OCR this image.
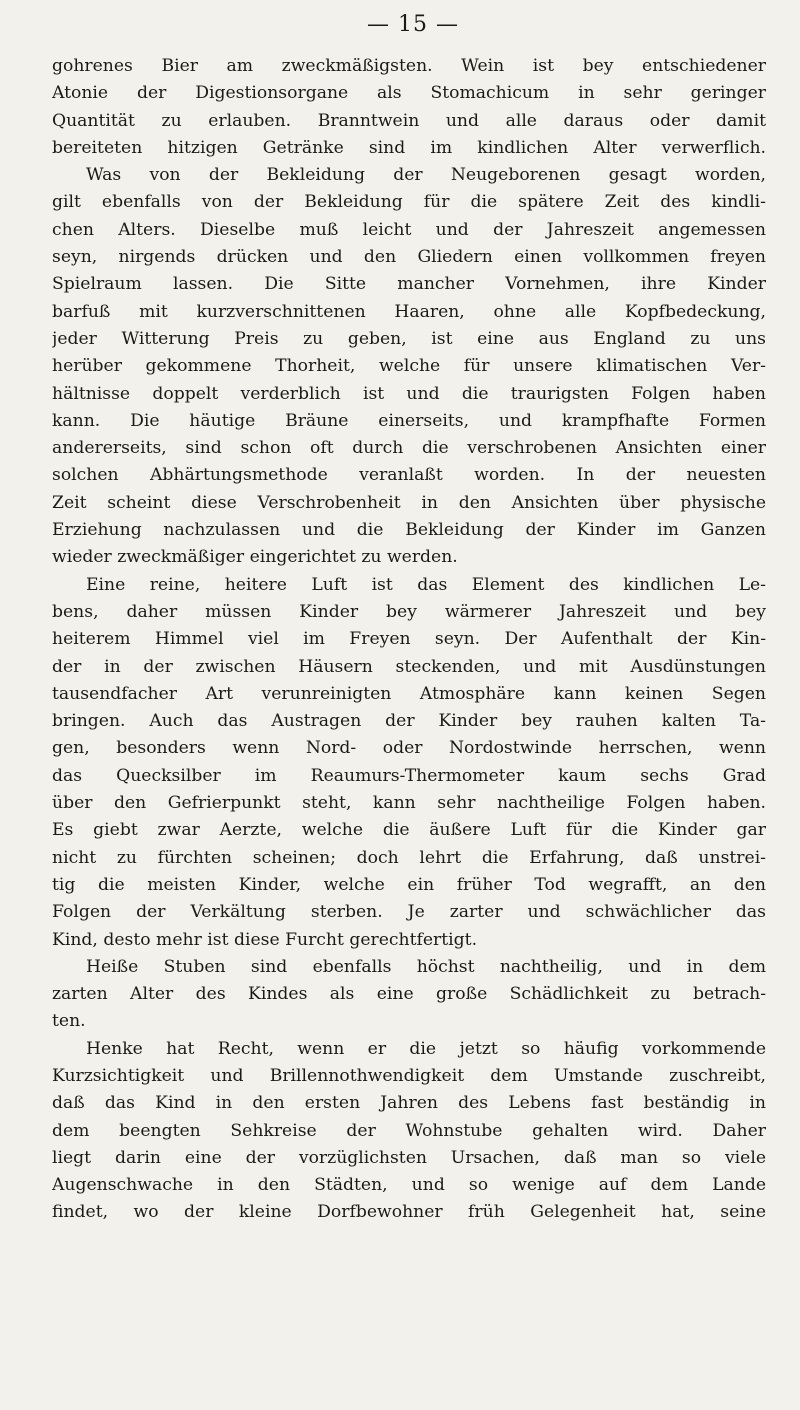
— 15 —
gohrenes Bier am zweckmäßigsten. Wein ist bey entschiedener
Atonie der Digestionsorgane als Stomachicum in sehr geringer
Quantität zu erlauben. Branntwein und alle daraus oder damit
bereiteten hitzigen Getränke sind im kindlichen Alter verwerflich.
Was von der Bekleidung der Neugeborenen gesagt worden,
gilt ebenfalls von der Bekleidung für die spätere Zeit des kindli-
chen Alters. Dieselbe muß leicht und der Jahreszeit angemessen
seyn, nirgends drücken und den Gliedern einen vollkommen freyen
Spielraum lassen. Die Sitte mancher Vornehmen, ihre Kinder
barfuß mit kurzverschnittenen Haaren, ohne alle Kopfbedeckung,
jeder Witterung Preis zu geben, ist eine aus England zu uns
herüber gekommene Thorheit, welche für unsere klimatischen Ver-
hältnisse doppelt verderblich ist und die traurigsten Folgen haben
kann. Die häutige Bräune einerseits, und krampfhafte Formen
andererseits, sind schon oft durch die verschrobenen Ansichten einer
solchen Abhärtungsmethode veranlaßt worden. In der neuesten
Zeit scheint diese Verschrobenheit in den Ansichten über physische
Erziehung nachzulassen und die Bekleidung der Kinder im Ganzen
wieder zweckmäßiger eingerichtet zu werden.
Eine reine, heitere Luft ist das Element des kindlichen Le-
bens, daher müssen Kinder bey wärmerer Jahreszeit und bey
heiterem Himmel viel im Freyen seyn. Der Aufenthalt der Kin-
der in der zwischen Häusern steckenden, und mit Ausdünstungen
tausendfacher Art verunreinigten Atmosphäre kann keinen Segen
bringen. Auch das Austragen der Kinder bey rauhen kalten Ta-
gen, besonders wenn Nord- oder Nordostwinde herrschen, wenn
das Quecksilber im Reaumurs-Thermometer kaum sechs Grad
über den Gefrierpunkt steht, kann sehr nachtheilige Folgen haben.
Es giebt zwar Aerzte, welche die äußere Luft für die Kinder gar
nicht zu fürchten scheinen; doch lehrt die Erfahrung, daß unstrei-
tig die meisten Kinder, welche ein früher Tod wegrafft, an den
Folgen der Verkältung sterben. Je zarter und schwächlicher das
Kind, desto mehr ist diese Furcht gerechtfertigt.
Heiße Stuben sind ebenfalls höchst nachtheilig, und in dem
zarten Alter des Kindes als eine große Schädlichkeit zu betrach-
ten.
Henke hat Recht, wenn er die jetzt so häufig vorkommende
Kurzsichtigkeit und Brillennothwendigkeit dem Umstande zuschreibt,
daß das Kind in den ersten Jahren des Lebens fast beständig in
dem beengten Sehkreise der Wohnstube gehalten wird. Daher
liegt darin eine der vorzüglichsten Ursachen, daß man so viele
Augenschwache in den Städten, und so wenige auf dem Lande
findet, wo der kleine Dorfbewohner früh Gelegenheit hat, seine
